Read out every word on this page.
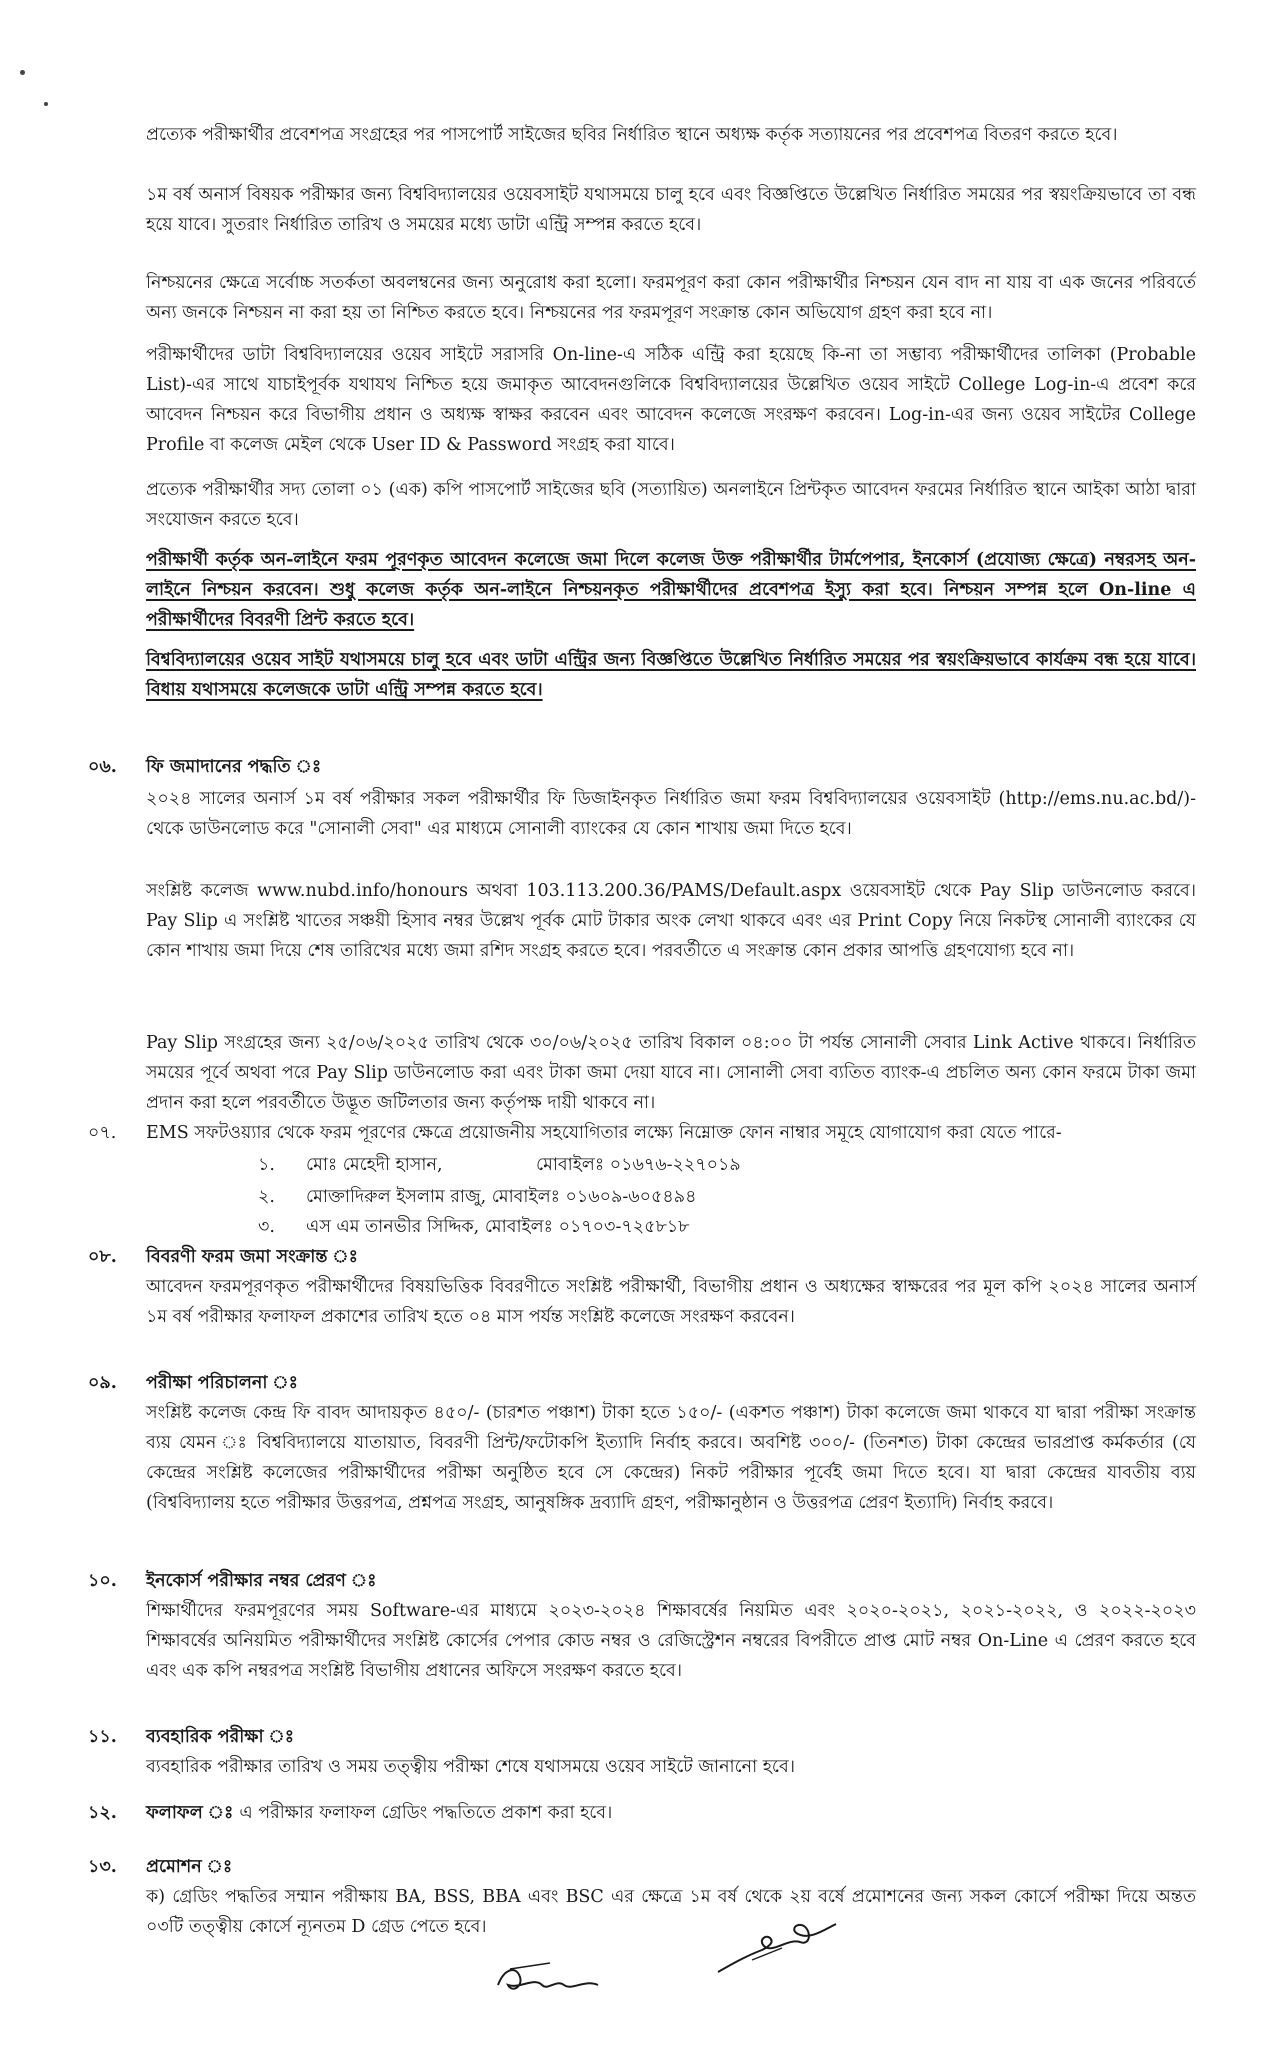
প্রত্যেক পরীক্ষার্থীর প্রবেশপত্র সংগ্রহের পর পাসপোর্ট সাইজের ছবির নির্ধারিত স্থানে অধ্যক্ষ কর্তৃক সত্যায়নের পর প্রবেশপত্র বিতরণ করতে হবে।

১ম বর্ষ অনার্স বিষয়ক পরীক্ষার জন্য বিশ্ববিদ্যালয়ের ওয়েবসাইট যথাসময়ে চালু হবে এবং বিজ্ঞপ্তিতে উল্লেখিত নির্ধারিত সময়ের পর স্বয়ংক্রিয়ভাবে তা বন্ধ হয়ে যাবে। সুতরাং নির্ধারিত তারিখ ও সময়ের মধ্যে ডাটা এন্ট্রি সম্পন্ন করতে হবে।

নিশ্চয়নের ক্ষেত্রে সর্বোচ্চ সতর্কতা অবলম্বনের জন্য অনুরোধ করা হলো। ফরমপূরণ করা কোন পরীক্ষার্থীর নিশ্চয়ন যেন বাদ না যায় বা এক জনের পরিবর্তে অন্য জনকে নিশ্চয়ন না করা হয় তা নিশ্চিত করতে হবে। নিশ্চয়নের পর ফরমপূরণ সংক্রান্ত কোন অভিযোগ গ্রহণ করা হবে না।

পরীক্ষার্থীদের ডাটা বিশ্ববিদ্যালয়ের ওয়েব সাইটে সরাসরি On-line-এ সঠিক এন্ট্রি করা হয়েছে কি-না তা সম্ভাব্য পরীক্ষার্থীদের তালিকা (Probable List)-এর সাথে যাচাইপূর্বক যথাযথ নিশ্চিত হয়ে জমাকৃত আবেদনগুলিকে বিশ্ববিদ্যালয়ের উল্লেখিত ওয়েব সাইটে College Log-in-এ প্রবেশ করে আবেদন নিশ্চয়ন করে বিভাগীয় প্রধান ও অধ্যক্ষ স্বাক্ষর করবেন এবং আবেদন কলেজে সংরক্ষণ করবেন। Log-in-এর জন্য ওয়েব সাইটের College Profile বা কলেজ মেইল থেকে User ID & Password সংগ্রহ করা যাবে।

প্রত্যেক পরীক্ষার্থীর সদ্য তোলা ০১ (এক) কপি পাসপোর্ট সাইজের ছবি (সত্যায়িত) অনলাইনে প্রিন্টকৃত আবেদন ফরমের নির্ধারিত স্থানে আইকা আঠা দ্বারা সংযোজন করতে হবে।

পরীক্ষার্থী কর্তৃক অন-লাইনে ফরম পূরণকৃত আবেদন কলেজে জমা দিলে কলেজ উক্ত পরীক্ষার্থীর টার্মপেপার, ইনকোর্স (প্রযোজ্য ক্ষেত্রে) নম্বরসহ অন-লাইনে নিশ্চয়ন করবেন। শুধু কলেজ কর্তৃক অন-লাইনে নিশ্চয়নকৃত পরীক্ষার্থীদের প্রবেশপত্র ইস্যু করা হবে। নিশ্চয়ন সম্পন্ন হলে On-line এ পরীক্ষার্থীদের বিবরণী প্রিন্ট করতে হবে।

বিশ্ববিদ্যালয়ের ওয়েব সাইট যথাসময়ে চালু হবে এবং ডাটা এন্ট্রির জন্য বিজ্ঞপ্তিতে উল্লেখিত নির্ধারিত সময়ের পর স্বয়ংক্রিয়ভাবে কার্যক্রম বন্ধ হয়ে যাবে। বিধায় যথাসময়ে কলেজকে ডাটা এন্ট্রি সম্পন্ন করতে হবে।

০৬. ফি জমাদানের পদ্ধতি ঃ

২০২৪ সালের অনার্স ১ম বর্ষ পরীক্ষার সকল পরীক্ষার্থীর ফি ডিজাইনকৃত নির্ধারিত জমা ফরম বিশ্ববিদ্যালয়ের ওয়েবসাইট (http://ems.nu.ac.bd/)-থেকে ডাউনলোড করে "সোনালী সেবা" এর মাধ্যমে সোনালী ব্যাংকের যে কোন শাখায় জমা দিতে হবে।

সংশ্লিষ্ট কলেজ www.nubd.info/honours অথবা 103.113.200.36/PAMS/Default.aspx ওয়েবসাইট থেকে Pay Slip ডাউনলোড করবে। Pay Slip এ সংশ্লিষ্ট খাতের সঞ্চয়ী হিসাব নম্বর উল্লেখ পূর্বক মোট টাকার অংক লেখা থাকবে এবং এর Print Copy নিয়ে নিকটস্থ সোনালী ব্যাংকের যে কোন শাখায় জমা দিয়ে শেষ তারিখের মধ্যে জমা রশিদ সংগ্রহ করতে হবে। পরবর্তীতে এ সংক্রান্ত কোন প্রকার আপত্তি গ্রহণযোগ্য হবে না।

Pay Slip সংগ্রহের জন্য ২৫/০৬/২০২৫ তারিখ থেকে ৩০/০৬/২০২৫ তারিখ বিকাল ০৪:০০ টা পর্যন্ত সোনালী সেবার Link Active থাকবে। নির্ধারিত সময়ের পূর্বে অথবা পরে Pay Slip ডাউনলোড করা এবং টাকা জমা দেয়া যাবে না। সোনালী সেবা ব্যতিত ব্যাংক-এ প্রচলিত অন্য কোন ফরমে টাকা জমা প্রদান করা হলে পরবর্তীতে উদ্ভূত জটিলতার জন্য কর্তৃপক্ষ দায়ী থাকবে না।

০৭. EMS সফটওয়্যার থেকে ফরম পূরণের ক্ষেত্রে প্রয়োজনীয় সহযোগিতার লক্ষ্যে নিম্নোক্ত ফোন নাম্বার সমূহে যোগাযোগ করা যেতে পারে-

১. মোঃ মেহেদী হাসান,	মোবাইলঃ ০১৬৭৬-২২৭০১৯

২. মোক্তাদিরুল ইসলাম রাজু, মোবাইলঃ ০১৬০৯-৬০৫৪৯৪

৩. এস এম তানভীর সিদ্দিক, মোবাইলঃ ০১৭০৩-৭২৫৮১৮

০৮. বিবরণী ফরম জমা সংক্রান্ত ঃ

আবেদন ফরমপূরণকৃত পরীক্ষার্থীদের বিষয়ভিত্তিক বিবরণীতে সংশ্লিষ্ট পরীক্ষার্থী, বিভাগীয় প্রধান ও অধ্যক্ষের স্বাক্ষরের পর মূল কপি ২০২৪ সালের অনার্স ১ম বর্ষ পরীক্ষার ফলাফল প্রকাশের তারিখ হতে ০৪ মাস পর্যন্ত সংশ্লিষ্ট কলেজে সংরক্ষণ করবেন।

০৯. পরীক্ষা পরিচালনা ঃ

সংশ্লিষ্ট কলেজ কেন্দ্র ফি বাবদ আদায়কৃত ৪৫০/- (চারশত পঞ্চাশ) টাকা হতে ১৫০/- (একশত পঞ্চাশ) টাকা কলেজে জমা থাকবে যা দ্বারা পরীক্ষা সংক্রান্ত ব্যয় যেমন ঃ বিশ্ববিদ্যালয়ে যাতায়াত, বিবরণী প্রিন্ট/ফটোকপি ইত্যাদি নির্বাহ করবে। অবশিষ্ট ৩০০/- (তিনশত) টাকা কেন্দ্রের ভারপ্রাপ্ত কর্মকর্তার (যে কেন্দ্রের সংশ্লিষ্ট কলেজের পরীক্ষার্থীদের পরীক্ষা অনুষ্ঠিত হবে সে কেন্দ্রের) নিকট পরীক্ষার পূর্বেই জমা দিতে হবে। যা দ্বারা কেন্দ্রের যাবতীয় ব্যয় (বিশ্ববিদ্যালয় হতে পরীক্ষার উত্তরপত্র, প্রশ্নপত্র সংগ্রহ, আনুষঙ্গিক দ্রব্যাদি গ্রহণ, পরীক্ষানুষ্ঠান ও উত্তরপত্র প্রেরণ ইত্যাদি) নির্বাহ করবে।

১০. ইনকোর্স পরীক্ষার নম্বর প্রেরণ ঃ

শিক্ষার্থীদের ফরমপূরণের সময় Software-এর মাধ্যমে ২০২৩-২০২৪ শিক্ষাবর্ষের নিয়মিত এবং ২০২০-২০২১, ২০২১-২০২২, ও ২০২২-২০২৩ শিক্ষাবর্ষের অনিয়মিত পরীক্ষার্থীদের সংশ্লিষ্ট কোর্সের পেপার কোড নম্বর ও রেজিস্ট্রেশন নম্বরের বিপরীতে প্রাপ্ত মোট নম্বর On-Line এ প্রেরণ করতে হবে এবং এক কপি নম্বরপত্র সংশ্লিষ্ট বিভাগীয় প্রধানের অফিসে সংরক্ষণ করতে হবে।

১১. ব্যবহারিক পরীক্ষা ঃ

ব্যবহারিক পরীক্ষার তারিখ ও সময় তত্ত্বীয় পরীক্ষা শেষে যথাসময়ে ওয়েব সাইটে জানানো হবে।

১২. ফলাফল ঃ এ পরীক্ষার ফলাফল গ্রেডিং পদ্ধতিতে প্রকাশ করা হবে।

১৩. প্রমোশন ঃ

ক) গ্রেডিং পদ্ধতির সম্মান পরীক্ষায় BA, BSS, BBA এবং BSC এর ক্ষেত্রে ১ম বর্ষ থেকে ২য় বর্ষে প্রমোশনের জন্য সকল কোর্সে পরীক্ষা দিয়ে অন্তত ০৩টি তত্ত্বীয় কোর্সে ন্যূনতম D গ্রেড পেতে হবে।
